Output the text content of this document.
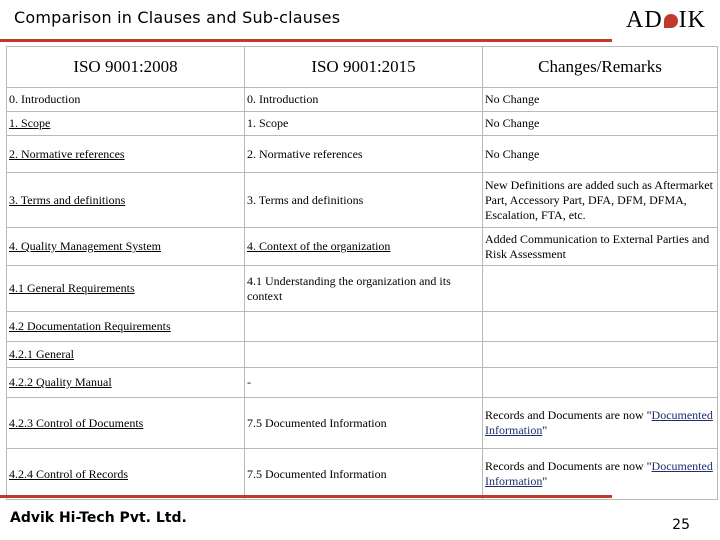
Comparison in Clauses and Sub-clauses	AD IK
ISO 9001:2008	ISO 9001:2015	Changes/Remarks
0. Introduction	0. Introduction	No Change
1. Scope	1. Scope	No Change
2. Normative references	2. Normative references	No Change
3. Terms and definitions	3. Terms and definitions	New Definitions are added such as Aftermarket Part, Accessory Part, DFA, DFM, DFMA, Escalation, FTA, etc.
4. Quality Management System	4. Context of the organization	Added Communication to External Parties and Risk Assessment
4.1 General Requirements	4.1 Understanding the organization and its context	
4.2 Documentation Requirements		
4.2.1 General		
4.2.2 Quality Manual	-	
4.2.3 Control of Documents	7.5 Documented Information	Records and Documents are now "Documented Information"
4.2.4 Control of Records	7.5 Documented Information	Records and Documents are now "Documented Information"
Advik Hi-Tech Pvt. Ltd.	25
